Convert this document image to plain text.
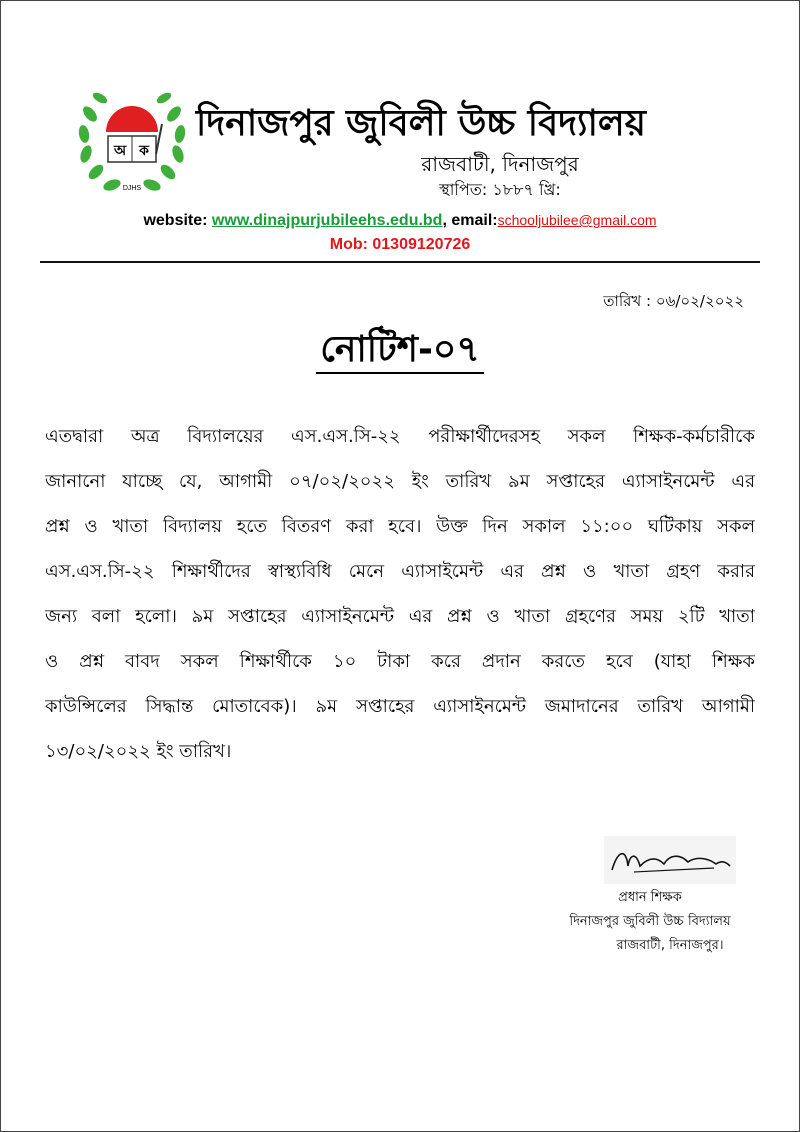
অ ক
DJHS
দিনাজপুর জুবিলী উচ্চ বিদ্যালয়
রাজবাটী, দিনাজপুর
স্থাপিত: ১৮৮৭ খ্রি:
website: www.dinajpurjubileehs.edu.bd, email:schooljubilee@gmail.com
Mob: 01309120726
তারিখ : ০৬/০২/২০২২
নোটিশ-০৭
এতদ্বারা অত্র বিদ্যালয়ের এস.এস.সি-২২ পরীক্ষার্থীদেরসহ সকল শিক্ষক-কর্মচারীকে
জানানো যাচ্ছে যে, আগামী ০৭/০২/২০২২ ইং তারিখ ৯ম সপ্তাহের এ্যাসাইনমেন্ট এর
প্রশ্ন ও খাতা বিদ্যালয় হতে বিতরণ করা হবে। উক্ত দিন সকাল ১১:০০ ঘটিকায় সকল
এস.এস.সি-২২ শিক্ষার্থীদের স্বাস্থ্যবিধি মেনে এ্যাসাইমেন্ট এর প্রশ্ন ও খাতা গ্রহণ করার
জন্য বলা হলো। ৯ম সপ্তাহের এ্যাসাইনমেন্ট এর প্রশ্ন ও খাতা গ্রহণের সময় ২টি খাতা
ও প্রশ্ন বাবদ সকল শিক্ষার্থীকে ১০ টাকা করে প্রদান করতে হবে (যাহা শিক্ষক
কাউন্সিলের সিদ্ধান্ত মোতাবেক)। ৯ম সপ্তাহের এ্যাসাইনমেন্ট জমাদানের তারিখ আগামী
১৩/০২/২০২২ ইং তারিখ।
প্রধান শিক্ষক
দিনাজপুর জুবিলী উচ্চ বিদ্যালয়
রাজবাটী, দিনাজপুর।
